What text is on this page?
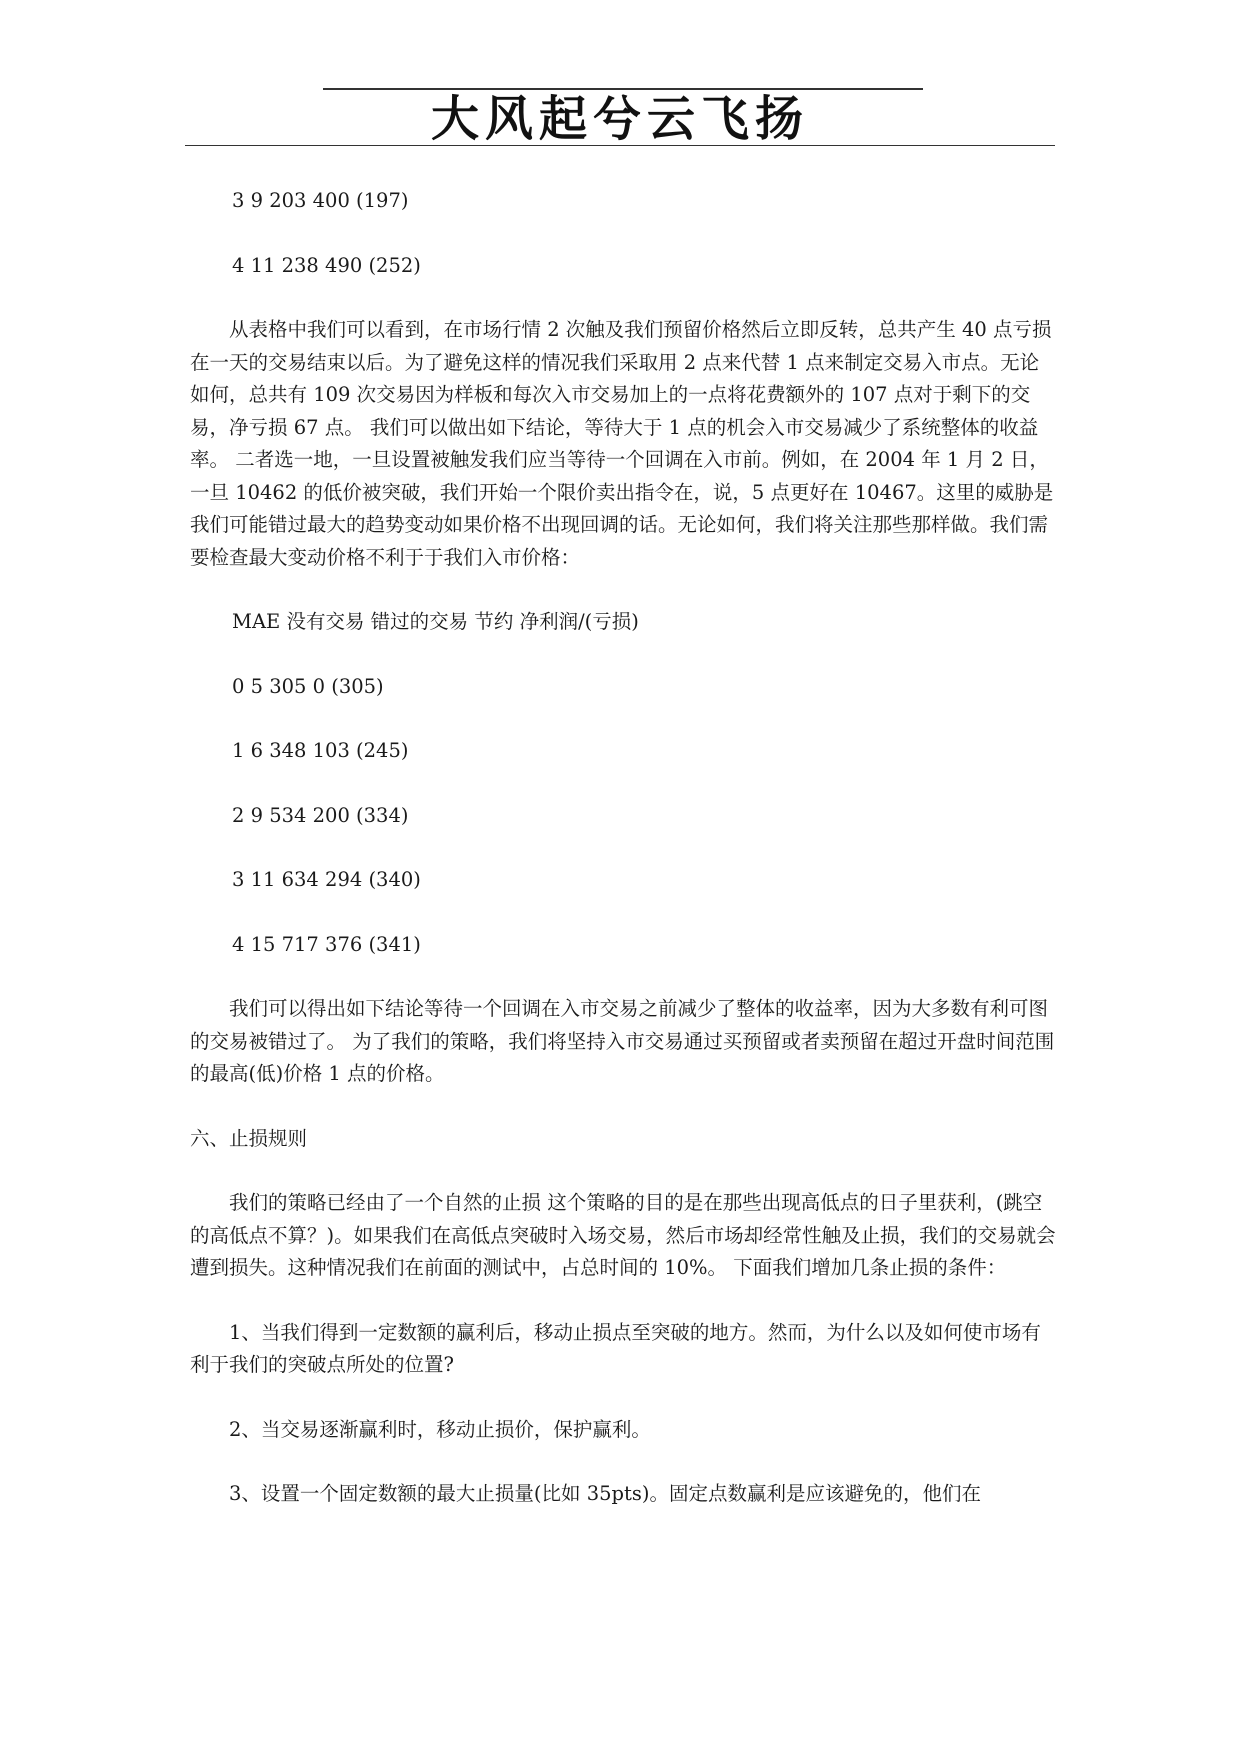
大风起兮云飞扬

3 9 203 400 (197)

4 11 238 490 (252)

从表格中我们可以看到，在市场行情 2 次触及我们预留价格然后立即反转，总共产生 40 点亏损在一天的交易结束以后。为了避免这样的情况我们采取用 2 点来代替 1 点来制定交易入市点。无论如何，总共有 109 次交易因为样板和每次入市交易加上的一点将花费额外的 107 点对于剩下的交易，净亏损 67 点。 我们可以做出如下结论，等待大于 1 点的机会入市交易减少了系统整体的收益率。 二者选一地，一旦设置被触发我们应当等待一个回调在入市前。例如，在 2004 年 1 月 2 日，一旦 10462 的低价被突破，我们开始一个限价卖出指令在，说，5 点更好在 10467。这里的威胁是我们可能错过最大的趋势变动如果价格不出现回调的话。无论如何，我们将关注那些那样做。我们需要检查最大变动价格不利于于我们入市价格：

MAE 没有交易 错过的交易 节约 净利润/(亏损)

0 5 305 0 (305)

1 6 348 103 (245)

2 9 534 200 (334)

3 11 634 294 (340)

4 15 717 376 (341)

我们可以得出如下结论等待一个回调在入市交易之前减少了整体的收益率，因为大多数有利可图的交易被错过了。 为了我们的策略，我们将坚持入市交易通过买预留或者卖预留在超过开盘时间范围的最高(低)价格 1 点的价格。

六、止损规则

我们的策略已经由了一个自然的止损 这个策略的目的是在那些出现高低点的日子里获利，(跳空的高低点不算？)。如果我们在高低点突破时入场交易，然后市场却经常性触及止损，我们的交易就会遭到损失。这种情况我们在前面的测试中，占总时间的 10%。 下面我们增加几条止损的条件：

1、当我们得到一定数额的赢利后，移动止损点至突破的地方。然而，为什么以及如何使市场有利于我们的突破点所处的位置?

2、当交易逐渐赢利时，移动止损价，保护赢利。

3、设置一个固定数额的最大止损量(比如 35pts)。固定点数赢利是应该避免的，他们在
